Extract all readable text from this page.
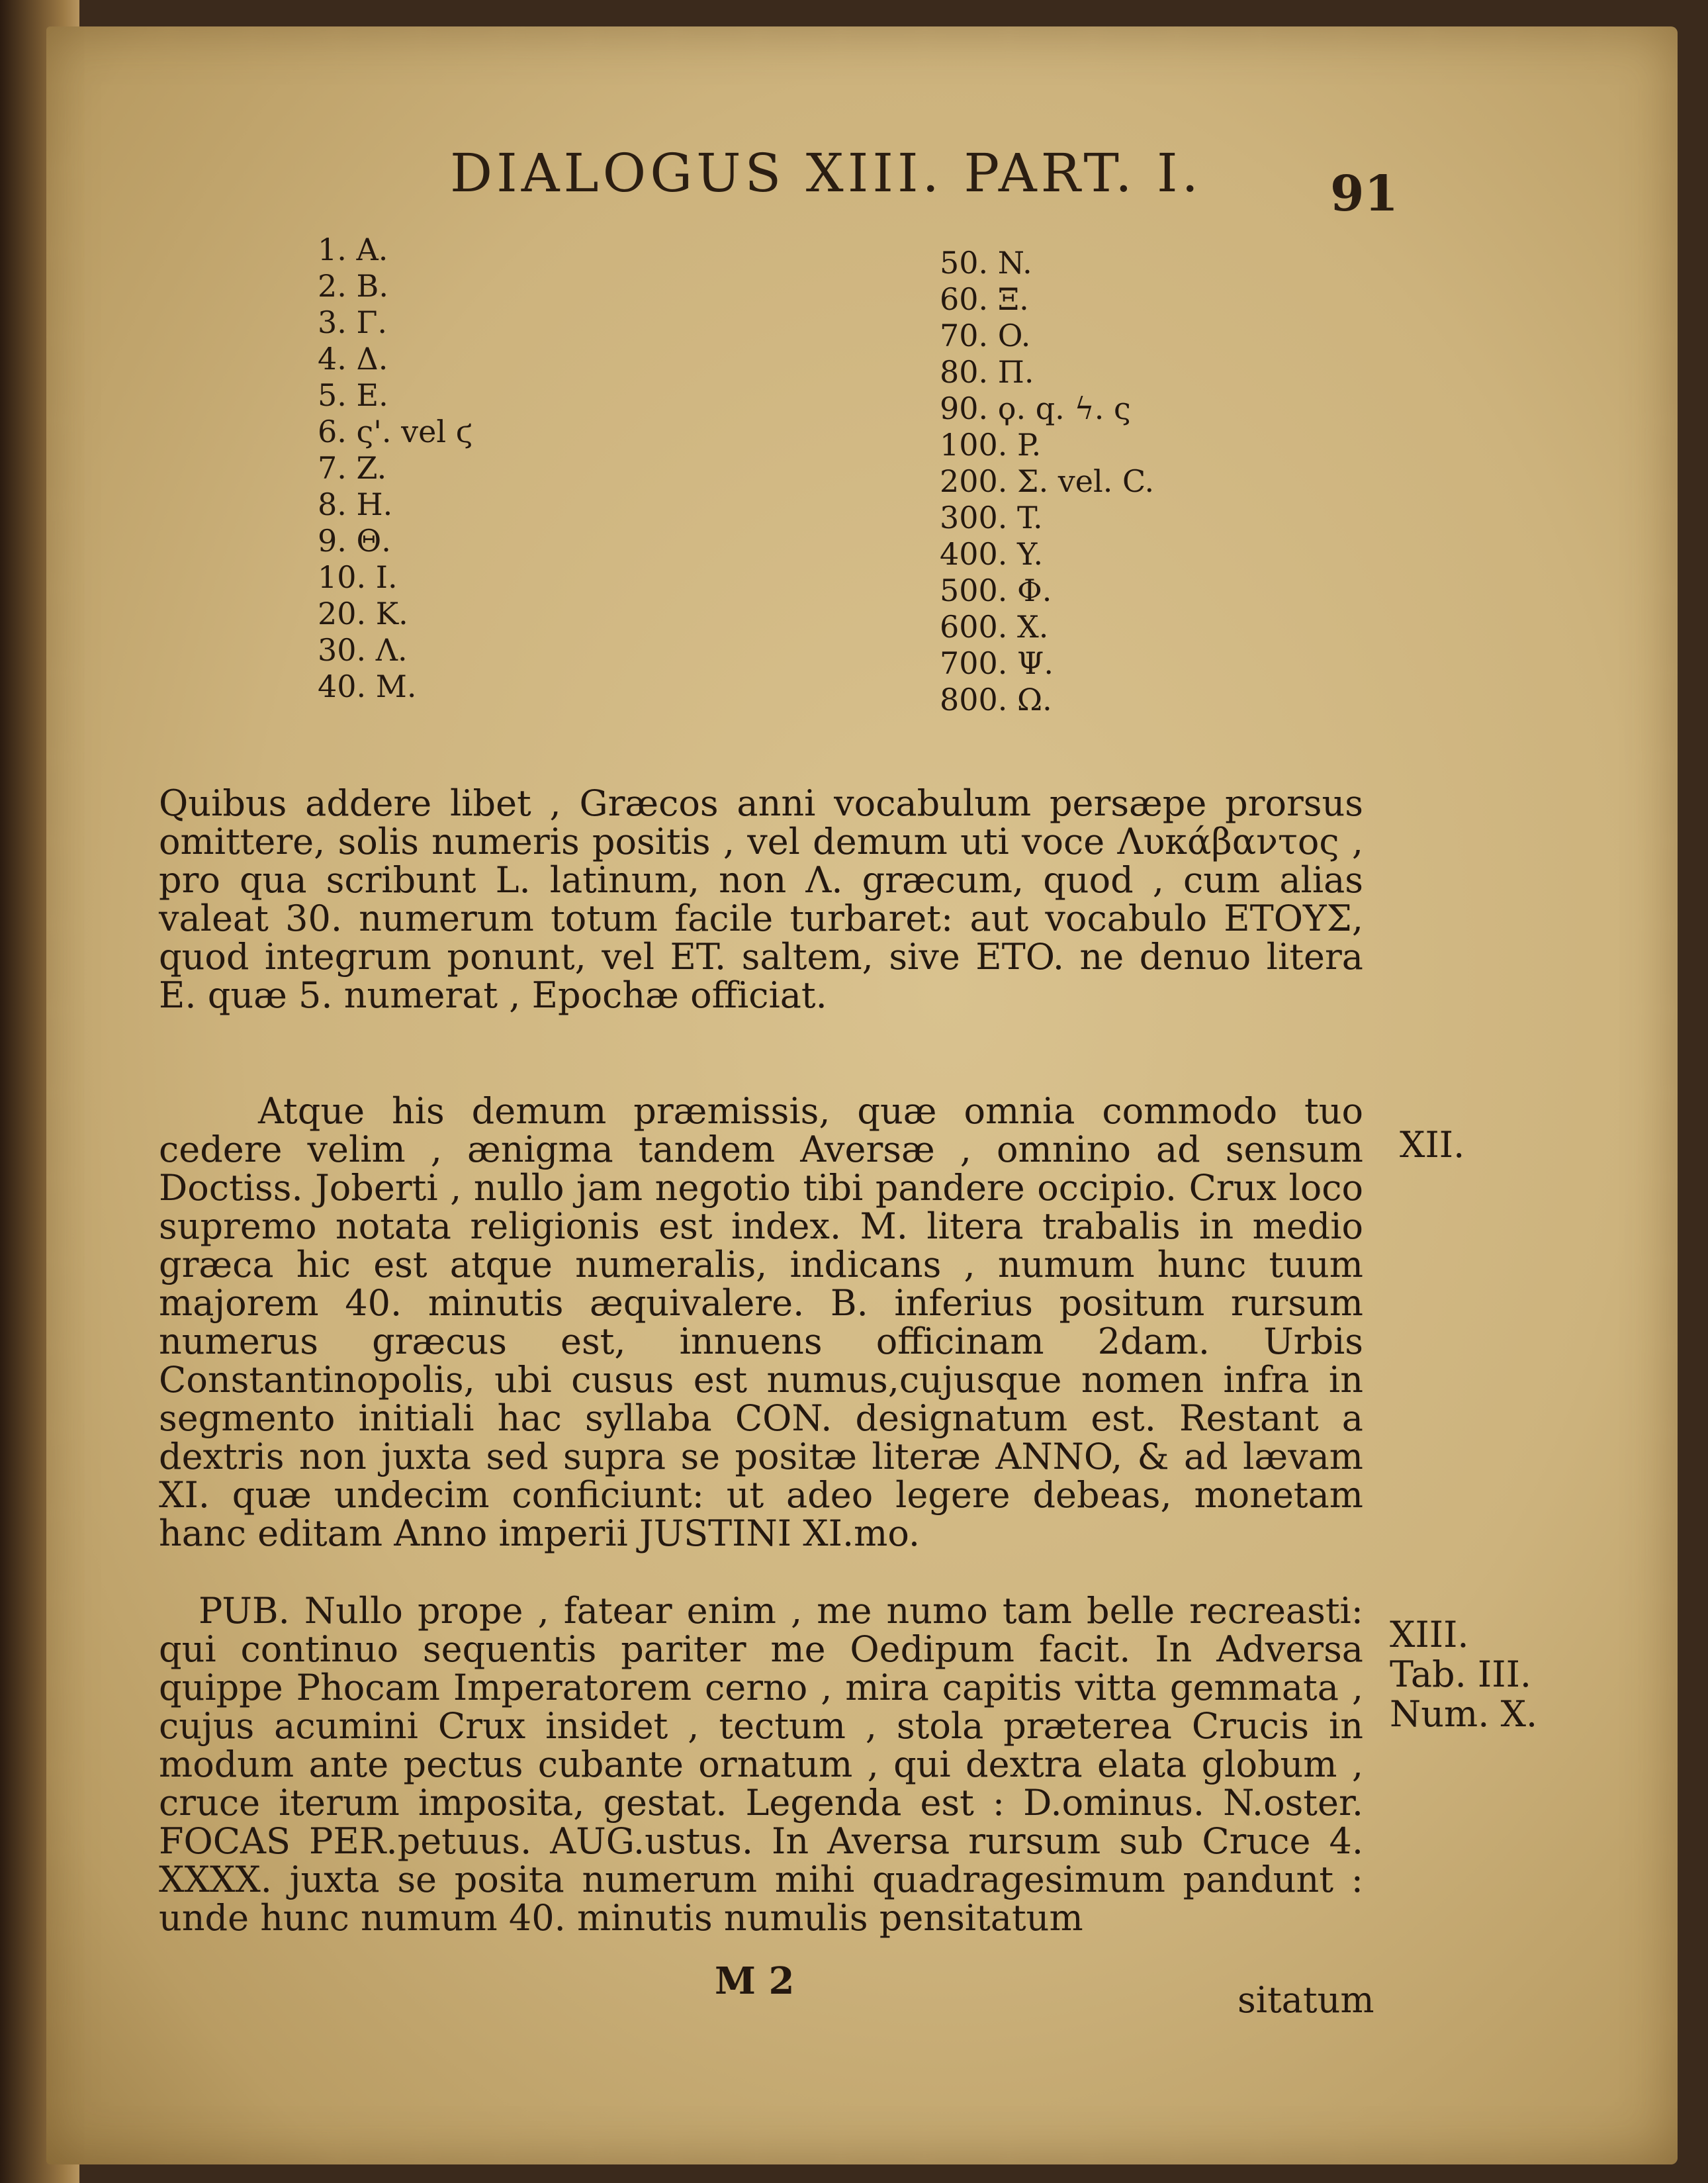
DIALOGUS XIII. PART. I.	91
1. A.
2. B.
3. Γ.
4. Δ.
5. E.
6. ς'. vel ϛ
7. Z.
8. H.
9. Θ.
10. I.
20. K.
30. Λ.
40. M.
50. N.
60. Ξ.
70. O.
80. Π.
90. ϙ. q. ϟ. ς
100. P.
200. Σ. vel. C.
300. T.
400. Y.
500. Φ.
600. X.
700. Ψ.
800. Ω.

Quibus addere libet , Græcos anni vocabulum persæpe prorsus omittere, solis numeris positis , vel demum uti voce Λυκάβαντος , pro qua scribunt L. latinum, non Λ. græcum, quod , cum alias valeat 30. numerum totum facile turbaret: aut vocabulo ETOYΣ, quod integrum ponunt, vel ET. saltem, sive ETO. ne denuo litera E. quæ 5. numerat , Epochæ officiat.

Atque his demum præmissis, quæ omnia commodo tuo cedere velim , ænigma tandem Aversæ , omnino ad sensum Doctiss. Joberti , nullo jam negotio tibi pandere occipio. Crux loco supremo notata religionis est index. M. litera trabalis in medio græca hic est atque numeralis, indicans , numum hunc tuum majorem 40. minutis æquivalere. B. inferius positum rursum numerus græcus est, innuens officinam 2dam. Urbis Constantinopolis, ubi cusus est numus,cujusque nomen infra in segmento initiali hac syllaba CON. designatum est. Restant a dextris non juxta sed supra se positæ literæ ANNO, & ad lævam XI. quæ undecim conficiunt: ut adeo legere debeas, monetam hanc editam Anno imperii JUSTINI XI.mo.

PUB. Nullo prope , fatear enim , me numo tam belle recreasti: qui continuo sequentis pariter me Oedipum facit. In Adversa quippe Phocam Imperatorem cerno , mira capitis vitta gemmata , cujus acumini Crux insidet , tectum , stola præterea Crucis in modum ante pectus cubante ornatum , qui dextra elata globum , cruce iterum imposita, gestat. Legenda est : D.ominus. N.oster. FOCAS PER.petuus. AUG.ustus. In Aversa rursum sub Cruce 4. XXXX. juxta se posita numerum mihi quadragesimum pandunt : unde hunc numum 40. minutis numulis pensitatum

XII.
XIII.
Tab. III.
Num. X.
M 2	sitatum
